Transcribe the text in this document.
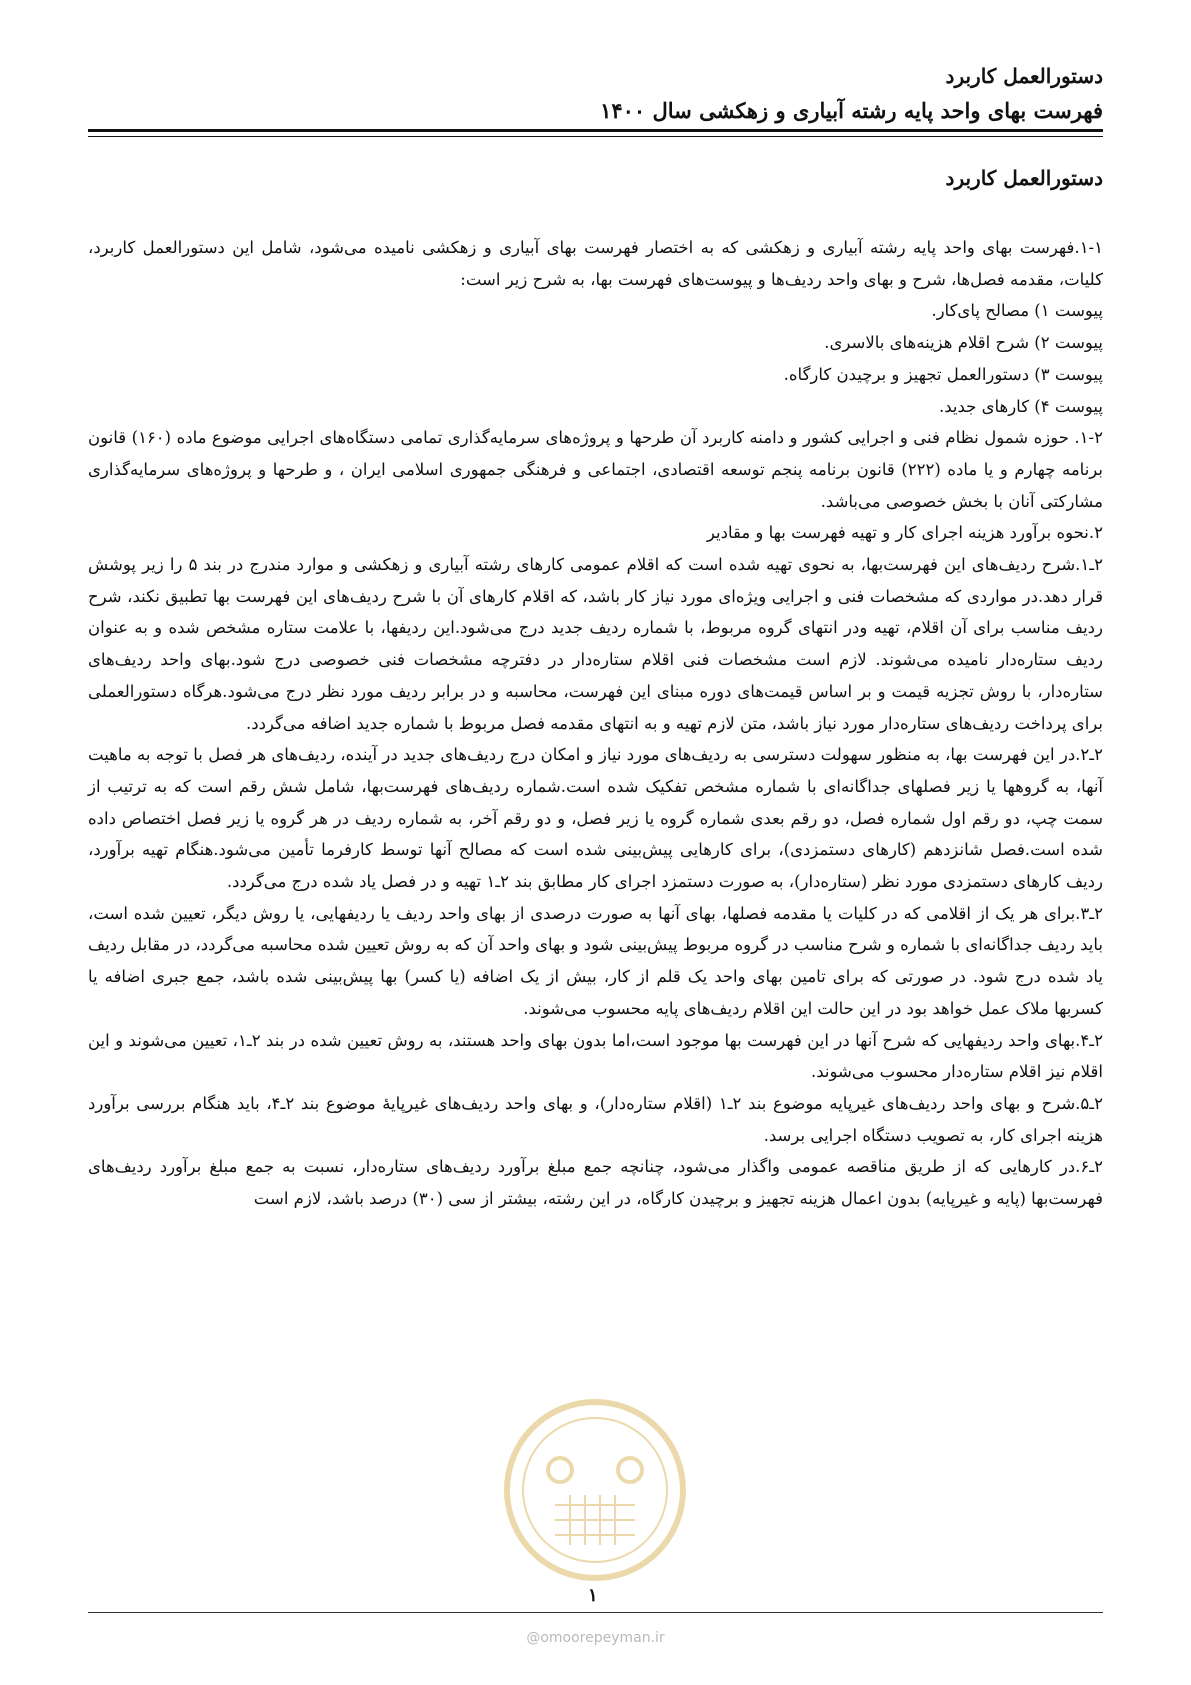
دستورالعمل کاربرد
فهرست بهای واحد پایه رشته آبیاری و زهکشی سال ۱۴۰۰
دستورالعمل کاربرد

۱-۱.فهرست بهای واحد پایه رشته آبیاری و زهکشی که به اختصار فهرست بهای آبیاری و زهکشی نامیده می‌شود، شامل این دستورالعمل کاربرد، کلیات، مقدمه فصل‌ها، شرح و بهای واحد ردیف‌ها و پیوست‌های فهرست بها، به شرح زیر است:

پیوست ۱) مصالح پای‌کار.

پیوست ۲) شرح اقلام هزینه‌های بالاسری.

پیوست ۳) دستورالعمل تجهیز و برچیدن کارگاه.

پیوست ۴) کارهای جدید.

۱-۲. حوزه شمول نظام فنی و اجرایی کشور و دامنه کاربرد آن طرحها و پروژه‌های سرمایه‌گذاری تمامی دستگاه‌های اجرایی موضوع ماده (۱۶۰) قانون برنامه چهارم و یا ماده (۲۲۲) قانون برنامه پنجم توسعه اقتصادی، اجتماعی و فرهنگی جمهوری اسلامی ایران ، و طرحها و پروژه‌های سرمایه‌گذاری مشارکتی آنان با بخش خصوصی می‌باشد.

۲.نحوه برآورد هزینه اجرای کار و تهیه فهرست بها و مقادیر

۲ـ۱.شرح ردیف‌های این فهرست‌بها، به نحوی تهیه شده است که اقلام عمومی کارهای رشته آبیاری و زهکشی و موارد مندرج در بند ۵ را زیر پوشش قرار دهد.در مواردی که مشخصات فنی و اجرایی ویژه‌ای مورد نیاز کار باشد، که اقلام کارهای آن با شرح ردیف‌های این فهرست بها تطبیق نکند، شرح ردیف مناسب برای آن اقلام، تهیه ودر انتهای گروه مربوط، با شماره ردیف جدید درج می‌شود.این ردیفها، با علامت ستاره مشخص شده و به عنوان ردیف ستاره‌دار نامیده می‌شوند. لازم است مشخصات فنی اقلام ستاره‌دار در دفترچه مشخصات فنی خصوصی درج شود.بهای واحد ردیف‌های ستاره‌دار، با روش تجزیه قیمت و بر اساس قیمت‌های دوره مبنای این فهرست، محاسبه و در برابر ردیف مورد نظر درج می‌شود.هرگاه دستورالعملی برای پرداخت ردیف‌های ستاره‌دار مورد نیاز باشد، متن لازم تهیه و به انتهای مقدمه فصل مربوط با شماره جدید اضافه می‌گردد.

۲ـ۲.در این فهرست بها، به منظور سهولت دسترسی به ردیف‌های مورد نیاز و امکان درج ردیف‌های جدید در آینده، ردیف‌های هر فصل با توجه به ماهیت آنها، به گروهها یا زیر فصلهای جداگانه‌ای با شماره مشخص تفکیک شده است.شماره ردیف‌های فهرست‌بها، شامل شش رقم است که به ترتیب از سمت چپ، دو رقم اول شماره فصل، دو رقم بعدی شماره گروه یا زیر فصل، و دو رقم آخر، به شماره ردیف در هر گروه یا زیر فصل اختصاص داده شده است.فصل شانزدهم (کارهای دستمزدی)، برای کارهایی پیش‌بینی شده است که مصالح آنها توسط کارفرما تأمین می‌شود.هنگام تهیه برآورد، ردیف کارهای دستمزدی مورد نظر (ستاره‌دار)، به صورت دستمزد اجرای کار مطابق بند ۲ـ۱ تهیه و در فصل یاد شده درج می‌گردد.

۲ـ۳.برای هر یک از اقلامی که در کلیات یا مقدمه فصلها، بهای آنها به صورت درصدی از بهای واحد ردیف یا ردیفهایی، یا روش دیگر، تعیین شده است، باید ردیف جداگانه‌ای با شماره و شرح مناسب در گروه مربوط پیش‌بینی شود و بهای واحد آن که به روش تعیین شده محاسبه می‌گردد، در مقابل ردیف یاد شده درج شود. در صورتی که برای تامین بهای واحد یک قلم از کار، بیش از یک اضافه (یا کسر) بها پیش‌بینی شده باشد، جمع جبری اضافه یا کسربها ملاک عمل خواهد بود در این حالت این اقلام ردیف‌های پایه محسوب می‌شوند.

۲ـ۴.بهای واحد ردیفهایی که شرح آنها در این فهرست بها موجود است،اما بدون بهای واحد هستند، به روش تعیین شده در بند ۲ـ۱، تعیین می‌شوند و این اقلام نیز اقلام ستاره‌دار محسوب می‌شوند.

۲ـ۵.شرح و بهای واحد ردیف‌های غیرپایه موضوع بند ۲ـ۱ (اقلام ستاره‌دار)، و بهای واحد ردیف‌های غیرپایهٔ موضوع بند ۲ـ۴، باید هنگام بررسی برآورد هزینه اجرای کار، به تصویب دستگاه اجرایی برسد.

۲ـ۶.در کارهایی که از طریق مناقصه عمومی واگذار می‌شود، چنانچه جمع مبلغ برآورد ردیف‌های ستاره‌دار، نسبت به جمع مبلغ برآورد ردیف‌های فهرست‌بها (پایه و غیرپایه) بدون اعمال هزینه تجهیز و برچیدن کارگاه، در این رشته، بیشتر از سی (۳۰) درصد باشد، لازم است

۱
@omoorepeyman.ir
